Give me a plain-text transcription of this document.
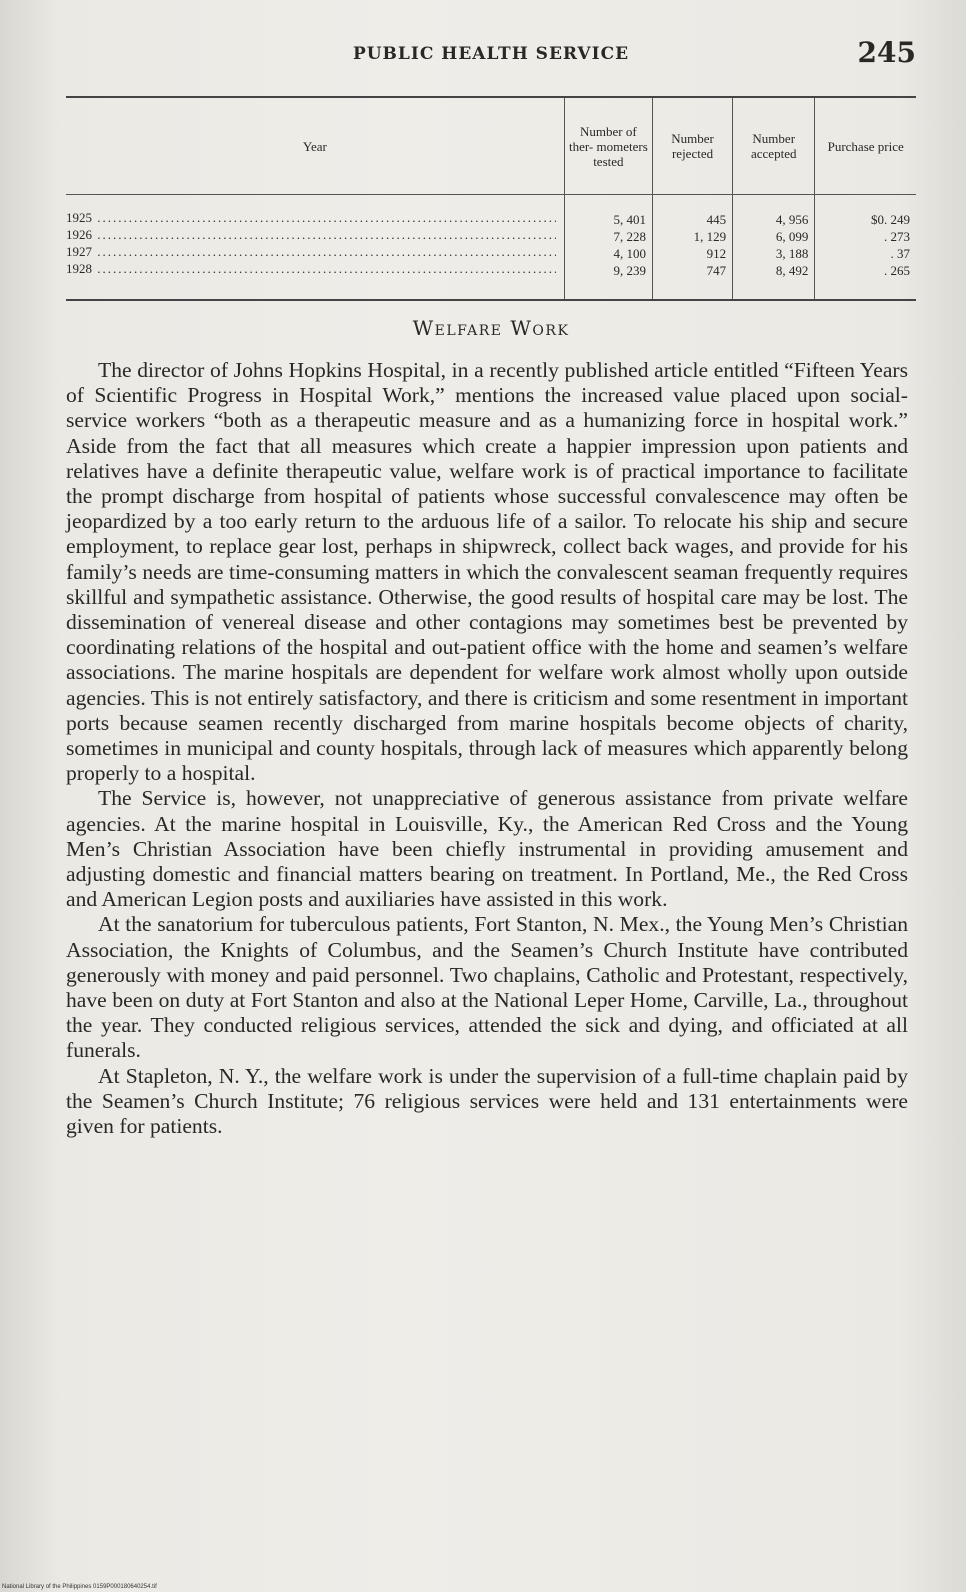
PUBLIC HEALTH SERVICE	245
Year	Number of ther- mometers tested	Number rejected	Number accepted	Purchase price
1925 .....	5, 401	445	4, 956	$0. 249
1926 .....	7, 228	1, 129	6, 099	. 273
1927 .....	4, 100	912	3, 188	. 37
1928 .....	9, 239	747	8, 492	. 265
Welfare Work

The director of Johns Hopkins Hospital, in a recently published article entitled “Fifteen Years of Scientific Progress in Hospital Work,” mentions the increased value placed upon social-service workers “both as a therapeutic measure and as a humanizing force in hospital work.” Aside from the fact that all measures which create a happier impression upon patients and relatives have a definite therapeutic value, welfare work is of practical importance to facilitate the prompt discharge from hospital of patients whose successful convalescence may often be jeopardized by a too early return to the arduous life of a sailor. To relocate his ship and secure employment, to replace gear lost, perhaps in shipwreck, collect back wages, and provide for his family’s needs are time-consuming matters in which the convalescent seaman frequently requires skillful and sympathetic assistance. Otherwise, the good results of hospital care may be lost. The dissemination of venereal disease and other contagions may sometimes best be prevented by coordinating relations of the hospital and out-patient office with the home and seamen’s welfare associations. The marine hospitals are dependent for welfare work almost wholly upon outside agencies. This is not entirely satisfactory, and there is criticism and some resentment in important ports because seamen recently discharged from marine hospitals become objects of charity, sometimes in municipal and county hospitals, through lack of measures which apparently belong properly to a hospital.

The Service is, however, not unappreciative of generous assistance from private welfare agencies. At the marine hospital in Louisville, Ky., the American Red Cross and the Young Men’s Christian Association have been chiefly instrumental in providing amusement and adjusting domestic and financial matters bearing on treatment. In Portland, Me., the Red Cross and American Legion posts and auxiliaries have assisted in this work.

At the sanatorium for tuberculous patients, Fort Stanton, N. Mex., the Young Men’s Christian Association, the Knights of Columbus, and the Seamen’s Church Institute have contributed generously with money and paid personnel. Two chaplains, Catholic and Protestant, respectively, have been on duty at Fort Stanton and also at the National Leper Home, Carville, La., throughout the year. They conducted religious services, attended the sick and dying, and officiated at all funerals.

At Stapleton, N. Y., the welfare work is under the supervision of a full-time chaplain paid by the Seamen’s Church Institute; 76 religious services were held and 131 entertainments were given for patients.

National Library of the Philippines 0159P000180640254.tif
